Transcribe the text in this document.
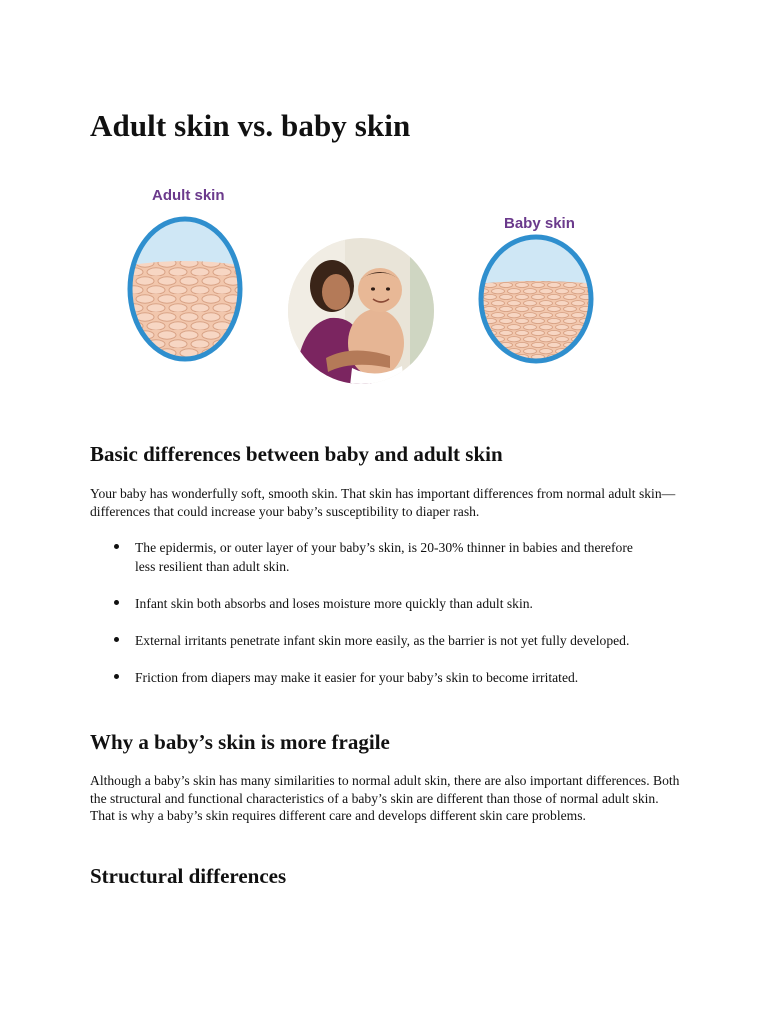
Adult skin vs. baby skin
Adult skin
Baby skin
Basic differences between baby and adult skin

Your baby has wonderfully soft, smooth skin. That skin has important differences from normal adult skin—differences that could increase your baby’s susceptibility to diaper rash.

The epidermis, or outer layer of your baby’s skin, is 20-30% thinner in babies and therefore less resilient than adult skin.
Infant skin both absorbs and loses moisture more quickly than adult skin.
External irritants penetrate infant skin more easily, as the barrier is not yet fully developed.
Friction from diapers may make it easier for your baby’s skin to become irritated.
Why a baby’s skin is more fragile

Although a baby’s skin has many similarities to normal adult skin, there are also important differences. Both the structural and functional characteristics of a baby’s skin are different than those of normal adult skin. That is why a baby’s skin requires different care and develops different skin care problems.

Structural differences
